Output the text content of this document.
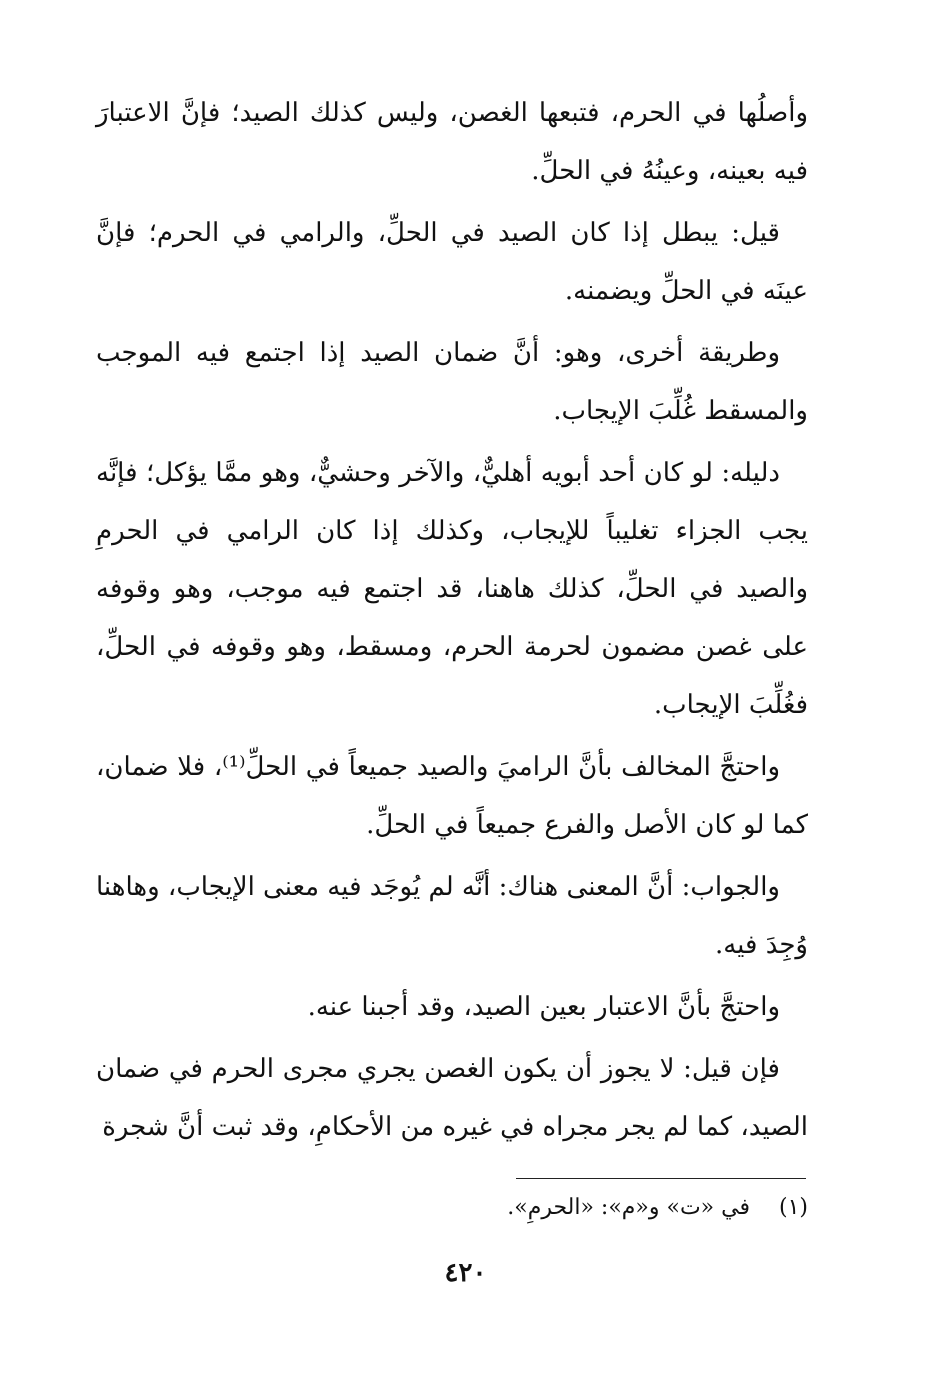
وأصلُها في الحرم، فتبعها الغصن، وليس كذلك الصيد؛ فإنَّ الاعتبارَ فيه بعينه، وعينُهُ في الحلِّ.

قيل: يبطل إذا كان الصيد في الحلِّ، والرامي في الحرم؛ فإنَّ عينَه في الحلِّ ويضمنه.

وطريقة أخرى، وهو: أنَّ ضمان الصيد إذا اجتمع فيه الموجب والمسقط غُلِّبَ الإيجاب.

دليله: لو كان أحد أبويه أهليٌّ، والآخر وحشيٌّ، وهو ممَّا يؤكل؛ فإنَّه يجب الجزاء تغليباً للإيجاب، وكذلك إذا كان الرامي في الحرمِ والصيد في الحلِّ، كذلك هاهنا، قد اجتمع فيه موجب، وهو وقوفه على غصن مضمون لحرمة الحرم، ومسقط، وهو وقوفه في الحلِّ، فغُلِّبَ الإيجاب.

واحتجَّ المخالف بأنَّ الراميَ والصيد جميعاً في الحلِّ⁽¹⁾، فلا ضمان، كما لو كان الأصل والفرع جميعاً في الحلِّ.

والجواب: أنَّ المعنى هناك: أنَّه لم يُوجَد فيه معنى الإيجاب، وهاهنا وُجِدَ فيه.

واحتجَّ بأنَّ الاعتبار بعين الصيد، وقد أجبنا عنه.

فإن قيل: لا يجوز أن يكون الغصن يجري مجرى الحرم في ضمان الصيد، كما لم يجر مجراه في غيره من الأحكامِ، وقد ثبت أنَّ شجرة

(١) في «ت» و«م»: «الحرمِ».
٤٢٠
